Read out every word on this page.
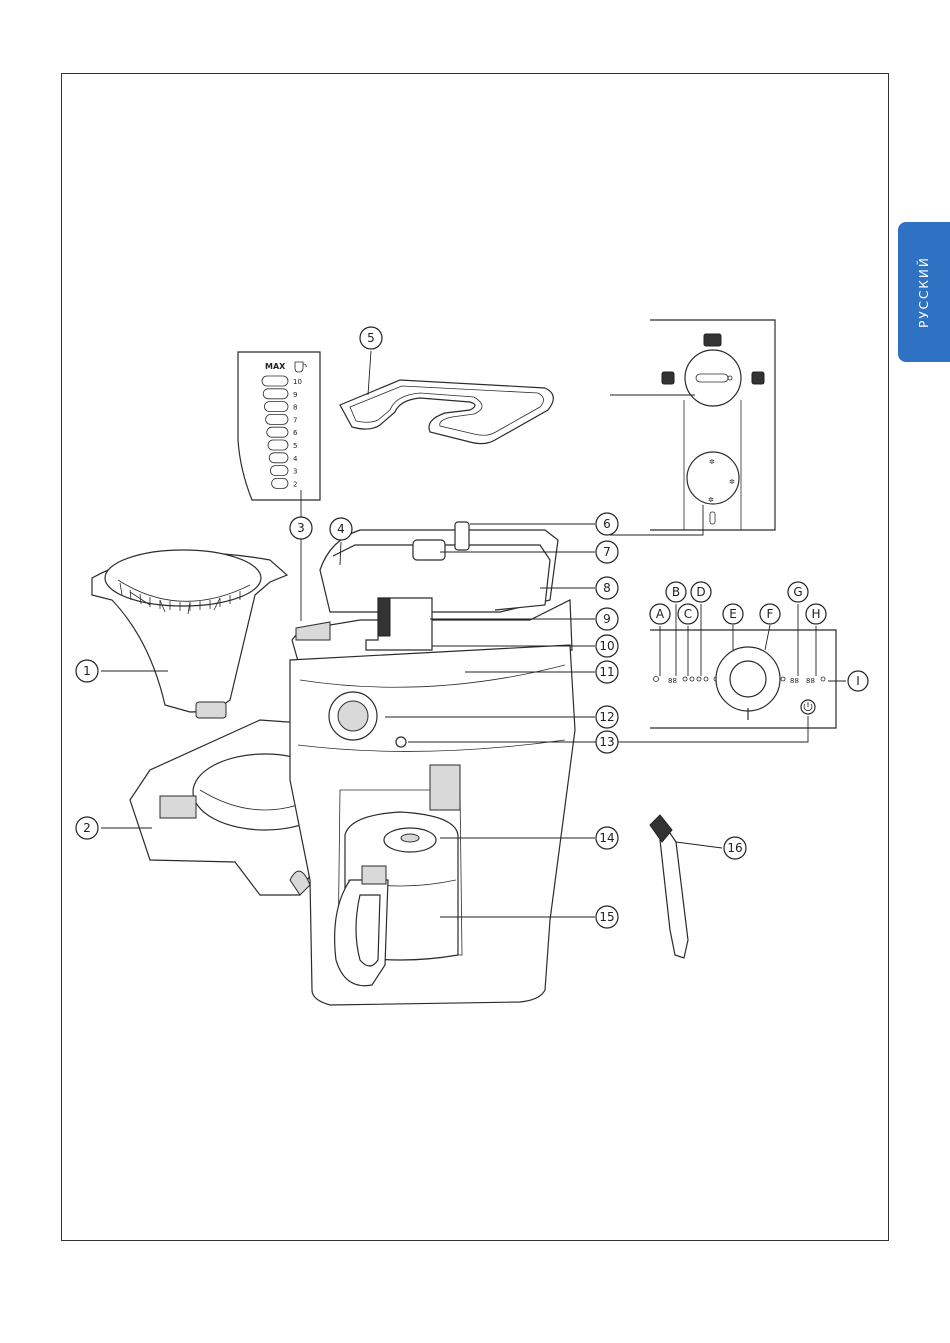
РУССКИЙ
MAX
10
9
8
7
6
5
4
3
2
✲
✲
✲
88	88 88
1
2
3	4
5
6
7
8
9
10
11
12
13
14
15
16
A
B
C
D
E F
G
H
I
